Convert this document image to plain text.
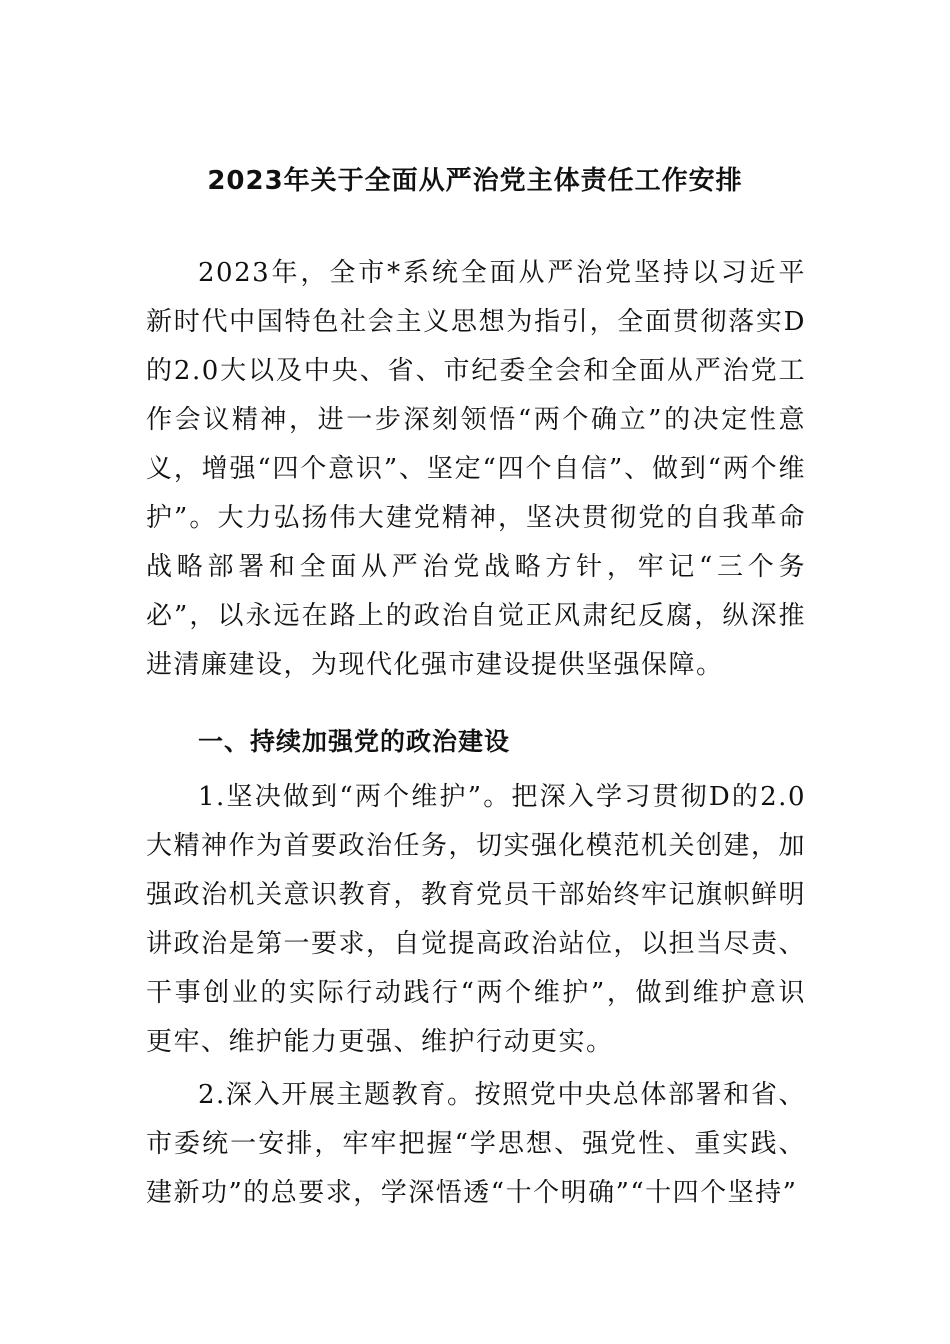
2023年关于全面从严治党主体责任工作安排

2023年，全市*系统全面从严治党坚持以习近平新时代中国特色社会主义思想为指引，全面贯彻落实D的2.0大以及中央、省、市纪委全会和全面从严治党工作会议精神，进一步深刻领悟“两个确立”的决定性意义，增强“四个意识”、坚定“四个自信”、做到“两个维护”。大力弘扬伟大建党精神，坚决贯彻党的自我革命战略部署和全面从严治党战略方针，牢记“三个务必”，以永远在路上的政治自觉正风肃纪反腐，纵深推进清廉建设，为现代化强市建设提供坚强保障。

一、持续加强党的政治建设

1.坚决做到“两个维护”。把深入学习贯彻D的2.0大精神作为首要政治任务，切实强化模范机关创建，加强政治机关意识教育，教育党员干部始终牢记旗帜鲜明讲政治是第一要求，自觉提高政治站位，以担当尽责、干事创业的实际行动践行“两个维护”，做到维护意识更牢、维护能力更强、维护行动更实。

2.深入开展主题教育。按照党中央总体部署和省、市委统一安排，牢牢把握“学思想、强党性、重实践、建新功”的总要求，学深悟透“十个明确”“十四个坚持”
